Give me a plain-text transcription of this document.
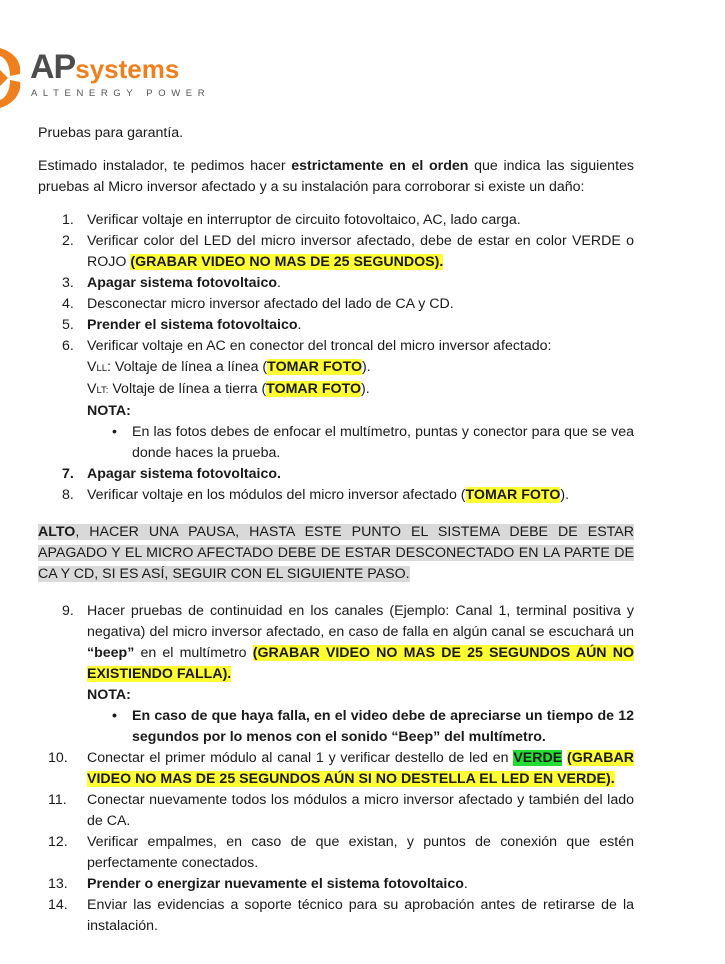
APsystems
ALTENERGY POWER

Pruebas para garantía.

Estimado instalador, te pedimos hacer estrictamente en el orden que indica las siguientes pruebas al Micro inversor afectado y a su instalación para corroborar si existe un daño:

1. Verificar voltaje en interruptor de circuito fotovoltaico, AC, lado carga.
2. Verificar color del LED del micro inversor afectado, debe de estar en color VERDE o ROJO (GRABAR VIDEO NO MAS DE 25 SEGUNDOS).
3. Apagar sistema fotovoltaico.
4. Desconectar micro inversor afectado del lado de CA y CD.
5. Prender el sistema fotovoltaico.
6. Verificar voltaje en AC en conector del troncal del micro inversor afectado:
VLL: Voltaje de línea a línea (TOMAR FOTO).
VLT: Voltaje de línea a tierra (TOMAR FOTO).
NOTA:
• En las fotos debes de enfocar el multímetro, puntas y conector para que se vea donde haces la prueba.
7. Apagar sistema fotovoltaico.
8. Verificar voltaje en los módulos del micro inversor afectado (TOMAR FOTO).

ALTO, HACER UNA PAUSA, HASTA ESTE PUNTO EL SISTEMA DEBE DE ESTAR APAGADO Y EL MICRO AFECTADO DEBE DE ESTAR DESCONECTADO EN LA PARTE DE CA Y CD, SI ES ASÍ, SEGUIR CON EL SIGUIENTE PASO.

9. Hacer pruebas de continuidad en los canales (Ejemplo: Canal 1, terminal positiva y negativa) del micro inversor afectado, en caso de falla en algún canal se escuchará un “beep” en el multímetro (GRABAR VIDEO NO MAS DE 25 SEGUNDOS AÚN NO EXISTIENDO FALLA).
NOTA:
• En caso de que haya falla, en el video debe de apreciarse un tiempo de 12 segundos por lo menos con el sonido “Beep” del multímetro.
10. Conectar el primer módulo al canal 1 y verificar destello de led en VERDE (GRABAR VIDEO NO MAS DE 25 SEGUNDOS AÚN SI NO DESTELLA EL LED EN VERDE).
11. Conectar nuevamente todos los módulos a micro inversor afectado y también del lado de CA.
12. Verificar empalmes, en caso de que existan, y puntos de conexión que estén perfectamente conectados.
13. Prender o energizar nuevamente el sistema fotovoltaico.
14. Enviar las evidencias a soporte técnico para su aprobación antes de retirarse de la instalación.
